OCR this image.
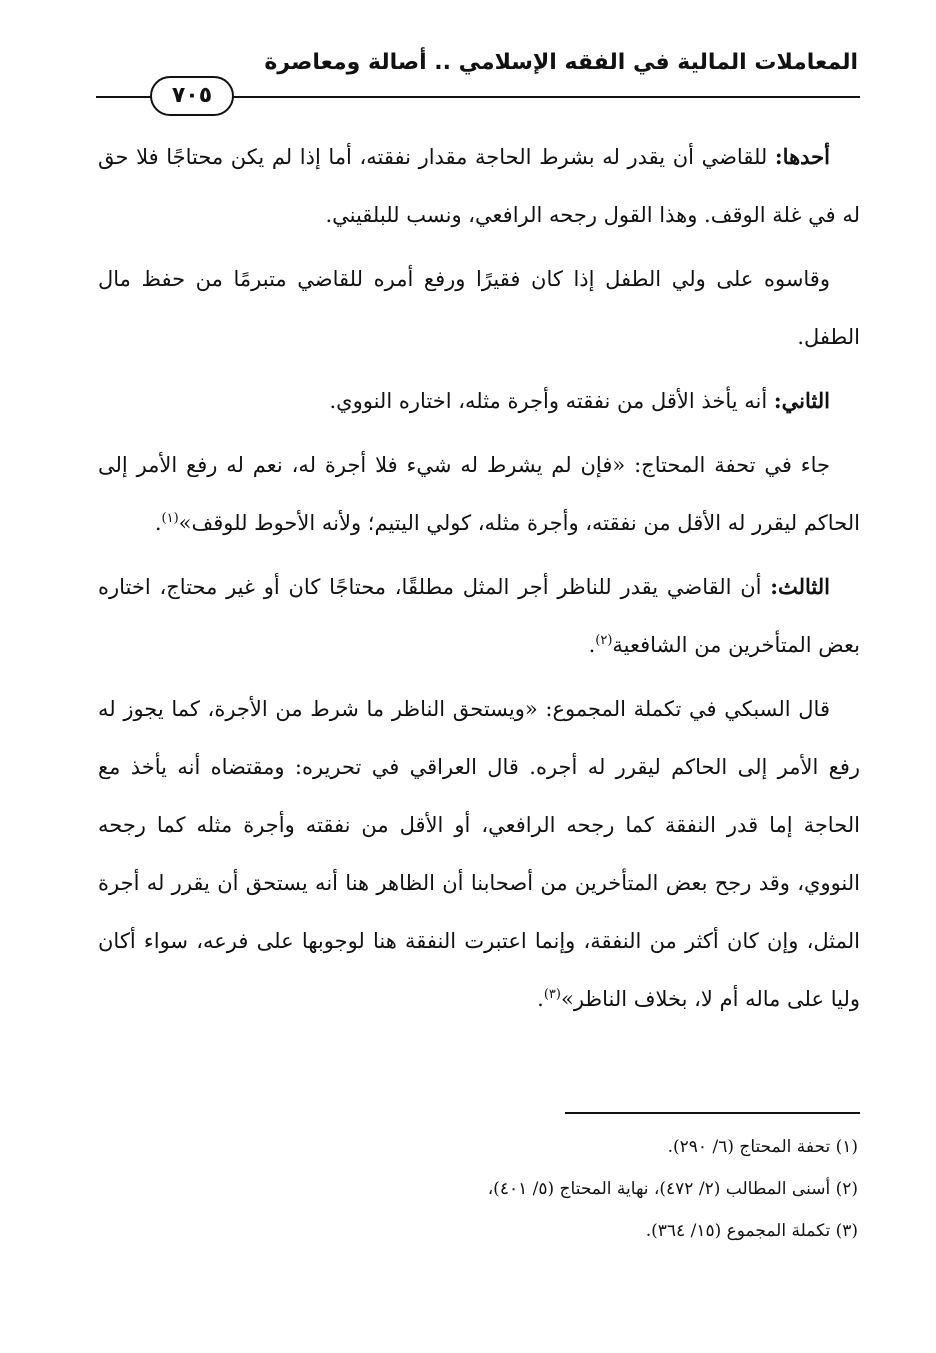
المعاملات المالية في الفقه الإسلامي .. أصالة ومعاصرة
٧٠٥

أحدها: للقاضي أن يقدر له بشرط الحاجة مقدار نفقته، أما إذا لم يكن محتاجًا فلا حق له في غلة الوقف. وهذا القول رجحه الرافعي، ونسب للبلقيني.

وقاسوه على ولي الطفل إذا كان فقيرًا ورفع أمره للقاضي متبرمًا من حفظ مال الطفل.

الثاني: أنه يأخذ الأقل من نفقته وأجرة مثله، اختاره النووي.

جاء في تحفة المحتاج: «فإن لم يشرط له شيء فلا أجرة له، نعم له رفع الأمر إلى الحاكم ليقرر له الأقل من نفقته، وأجرة مثله، كولي اليتيم؛ ولأنه الأحوط للوقف»$^{(١)}$.

الثالث: أن القاضي يقدر للناظر أجر المثل مطلقًا، محتاجًا كان أو غير محتاج، اختاره بعض المتأخرين من الشافعية$^{(٢)}$.

قال السبكي في تكملة المجموع: «ويستحق الناظر ما شرط من الأجرة، كما يجوز له رفع الأمر إلى الحاكم ليقرر له أجره. قال العراقي في تحريره: ومقتضاه أنه يأخذ مع الحاجة إما قدر النفقة كما رجحه الرافعي، أو الأقل من نفقته وأجرة مثله كما رجحه النووي، وقد رجح بعض المتأخرين من أصحابنا أن الظاهر هنا أنه يستحق أن يقرر له أجرة المثل، وإن كان أكثر من النفقة، وإنما اعتبرت النفقة هنا لوجوبها على فرعه، سواء أكان وليا على ماله أم لا، بخلاف الناظر»$^{(٣)}$.

(١) تحفة المحتاج (٦/ ٢٩٠).

(٢) أسنى المطالب (٢/ ٤٧٢)، نهاية المحتاج (٥/ ٤٠١)،

(٣) تكملة المجموع (١٥/ ٣٦٤).
